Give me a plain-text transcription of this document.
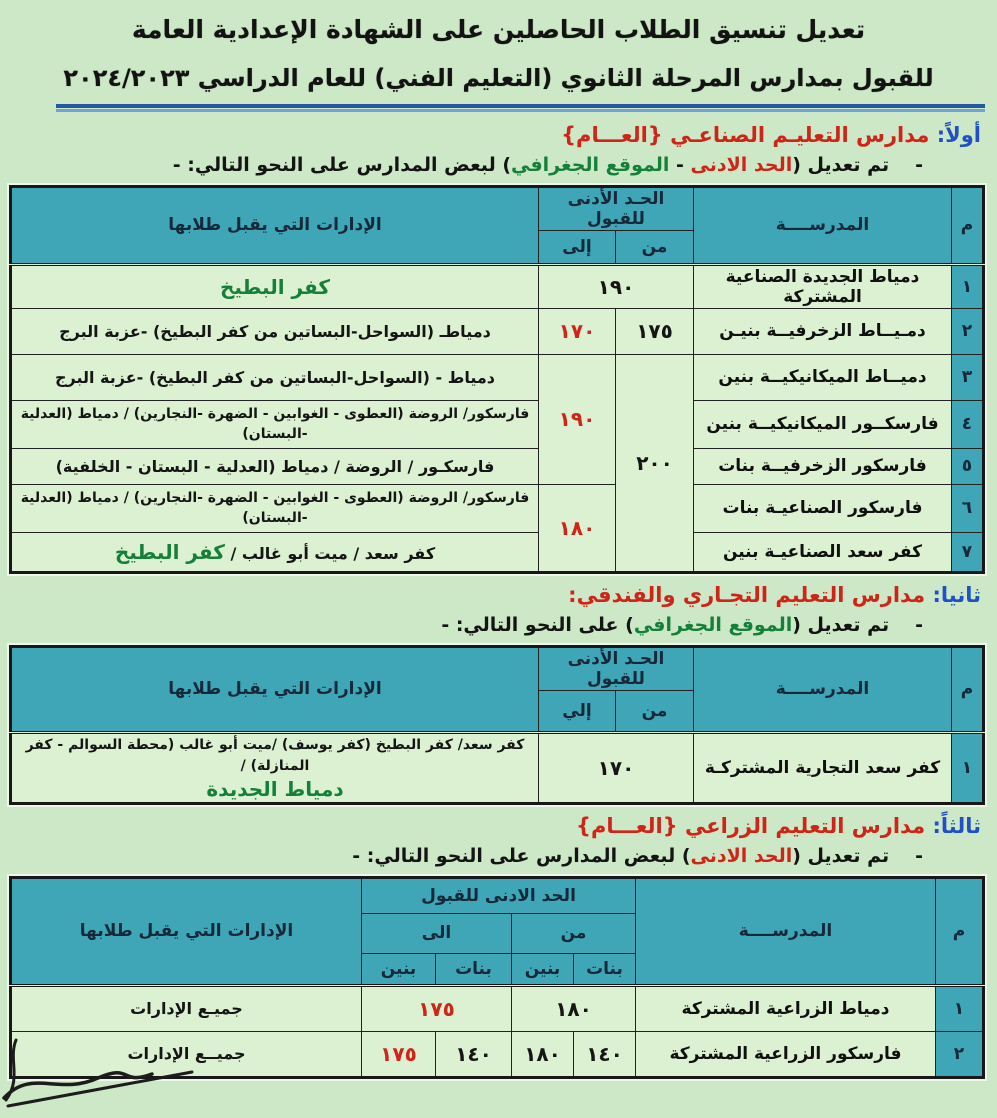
تعديل تنسيق الطلاب الحاصلين على الشهادة الإعدادية العامة
للقبول بمدارس المرحلة الثانوي (التعليم الفني) للعام الدراسي ٢٠٢٤/٢٠٢٣
أولاً: مدارس التعليـم الصناعـي {العـــام}
-تم تعديل (الحد الادنى - الموقع الجغرافي) لبعض المدارس على النحو التالي: -
م	المدرســــة	الحـد الأدنى للقبول		الإدارات التي يقبل طلابها
		من	إلى	
١	دمياط الجديدة الصناعية المشتركة	١٩٠		كفر البطيخ
٢	دمـيــاط الزخرفيــة بنيـن	١٧٥	١٧٠	دمياطـ (السواحل-البساتين من كفر البطيخ) -عزبة البرج
٣	دميــاط الميكانيكيــة بنين	٢٠٠	١٩٠	دمياط - (السواحل-البساتين من كفر البطيخ) -عزبة البرج
٤	فارسكــور الميكانيكيــة بنين			فارسكور/ الروضة (العطوى - الغوابين - الضهرة -النجارين) / دمياط (العدلية -البستان)
٥	فارسكور الزخرفيــة بنات			فارسكـور / الروضة / دمياط (العدلية - البستان - الخلفية)
٦	فارسكور الصناعيـة بنات		١٨٠	فارسكور/ الروضة (العطوى - الغوابين - الضهرة -النجارين) / دمياط (العدلية -البستان)
٧	كفر سعد الصناعيـة بنين			كفر سعد / ميت أبو غالب / كفر البطيخ
ثانيا: مدارس التعليم التجـاري والفندقي:
-تم تعديل (الموقع الجغرافي) على النحو التالي: -
م	المدرســــة	الحـد الأدنى للقبول		الإدارات التي يقبل طلابها
		من	إلي	
١	كفر سعد التجارية المشتركـة	١٧٠		كفر سعد/ كفر البطيخ (كفر يوسف) /ميت أبو غالب (محطة السوالم - كفر المنازلة) /
دمياط الجديدة
ثالثاً: مدارس التعليم الزراعي {العـــام}
-تم تعديل (الحد الادنى) لبعض المدارس على النحو التالي: -
م	المدرســــة	الحد الادنى للقبول				الإدارات التي يقبل طلابها
		من		الى		
		بنات	بنين	بنات	بنين	
١	دمياط الزراعية المشتركة	١٨٠		١٧٥		جميـع الإدارات
٢	فارسكور الزراعية المشتركة	١٤٠	١٨٠	١٤٠	١٧٥	جميــع الإدارات
